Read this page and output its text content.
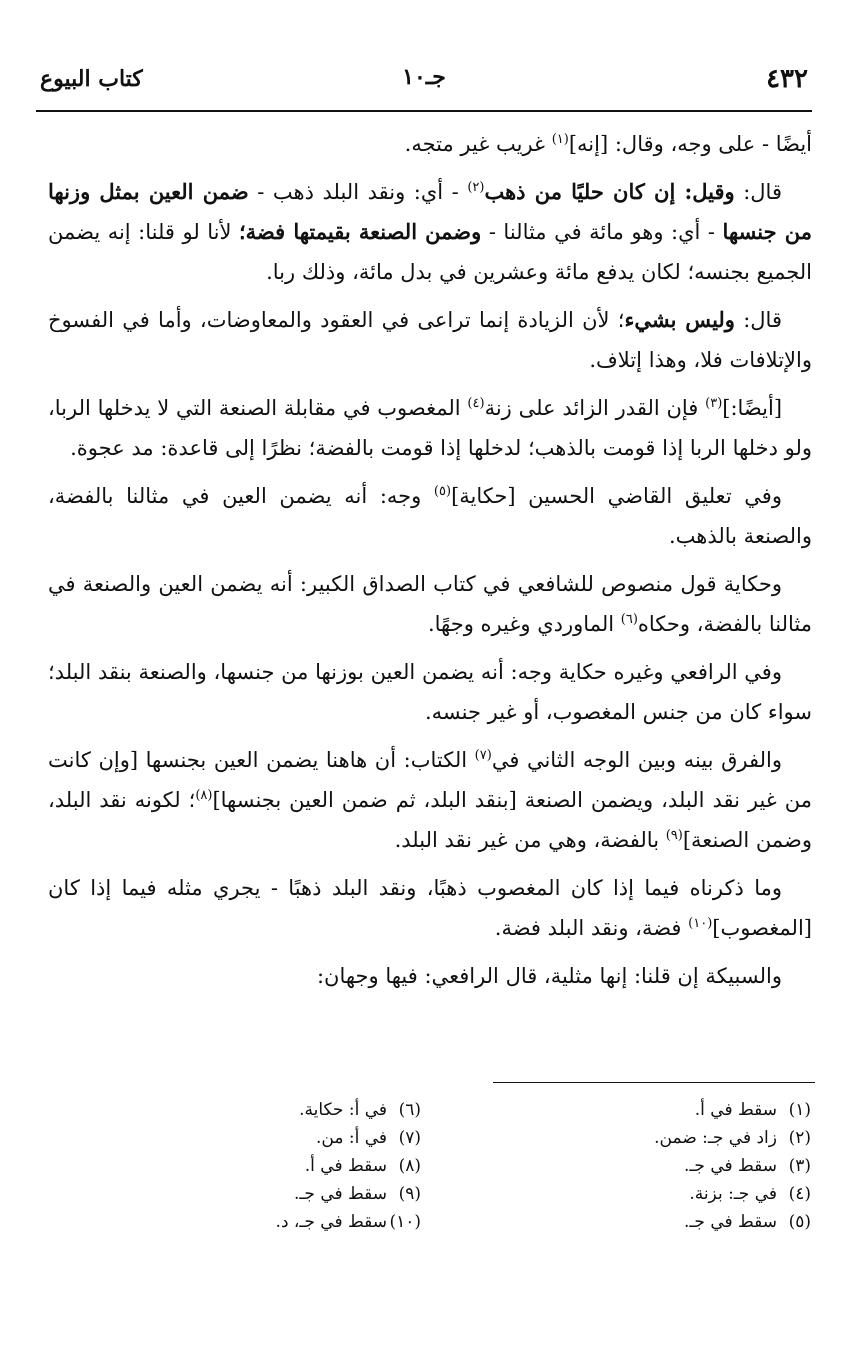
٤٣٢
جـ١٠
كتاب البيوع

أيضًا - على وجه، وقال: [إنه]$^{(١)}$ غريب غير متجه.

قال: وقيل: إن كان حليًا من ذهب$^{(٢)}$ - أي: ونقد البلد ذهب - ضمن العين بمثل وزنها من جنسها - أي: وهو مائة في مثالنا - وضمن الصنعة بقيمتها فضة؛ لأنا لو قلنا: إنه يضمن الجميع بجنسه؛ لكان يدفع مائة وعشرين في بدل مائة، وذلك ربا.

قال: وليس بشيء؛ لأن الزيادة إنما تراعى في العقود والمعاوضات، وأما في الفسوخ والإتلافات فلا، وهذا إتلاف.

[أيضًا:]$^{(٣)}$ فإن القدر الزائد على زنة$^{(٤)}$ المغصوب في مقابلة الصنعة التي لا يدخلها الربا، ولو دخلها الربا إذا قومت بالذهب؛ لدخلها إذا قومت بالفضة؛ نظرًا إلى قاعدة: مد عجوة.

وفي تعليق القاضي الحسين [حكاية]$^{(٥)}$ وجه: أنه يضمن العين في مثالنا بالفضة، والصنعة بالذهب.

وحكاية قول منصوص للشافعي في كتاب الصداق الكبير: أنه يضمن العين والصنعة في مثالنا بالفضة، وحكاه$^{(٦)}$ الماوردي وغيره وجهًا.

وفي الرافعي وغيره حكاية وجه: أنه يضمن العين بوزنها من جنسها، والصنعة بنقد البلد؛ سواء كان من جنس المغصوب، أو غير جنسه.

والفرق بينه وبين الوجه الثاني في$^{(٧)}$ الكتاب: أن هاهنا يضمن العين بجنسها [وإن كانت من غير نقد البلد، ويضمن الصنعة [بنقد البلد، ثم ضمن العين بجنسها]$^{(٨)}$؛ لكونه نقد البلد، وضمن الصنعة]$^{(٩)}$ بالفضة، وهي من غير نقد البلد.

وما ذكرناه فيما إذا كان المغصوب ذهبًا، ونقد البلد ذهبًا - يجري مثله فيما إذا كان [المغصوب]$^{(١٠)}$ فضة، ونقد البلد فضة.

والسبيكة إن قلنا: إنها مثلية، قال الرافعي: فيها وجهان:

(١)سقط في أ.
(٢)زاد في جـ: ضمن.
(٣)سقط في جـ.
(٤)في جـ: بزنة.
(٥)سقط في جـ.
(٦)في أ: حكاية.
(٧)في أ: من.
(٨)سقط في أ.
(٩)سقط في جـ.
(١٠)سقط في جـ، د.
